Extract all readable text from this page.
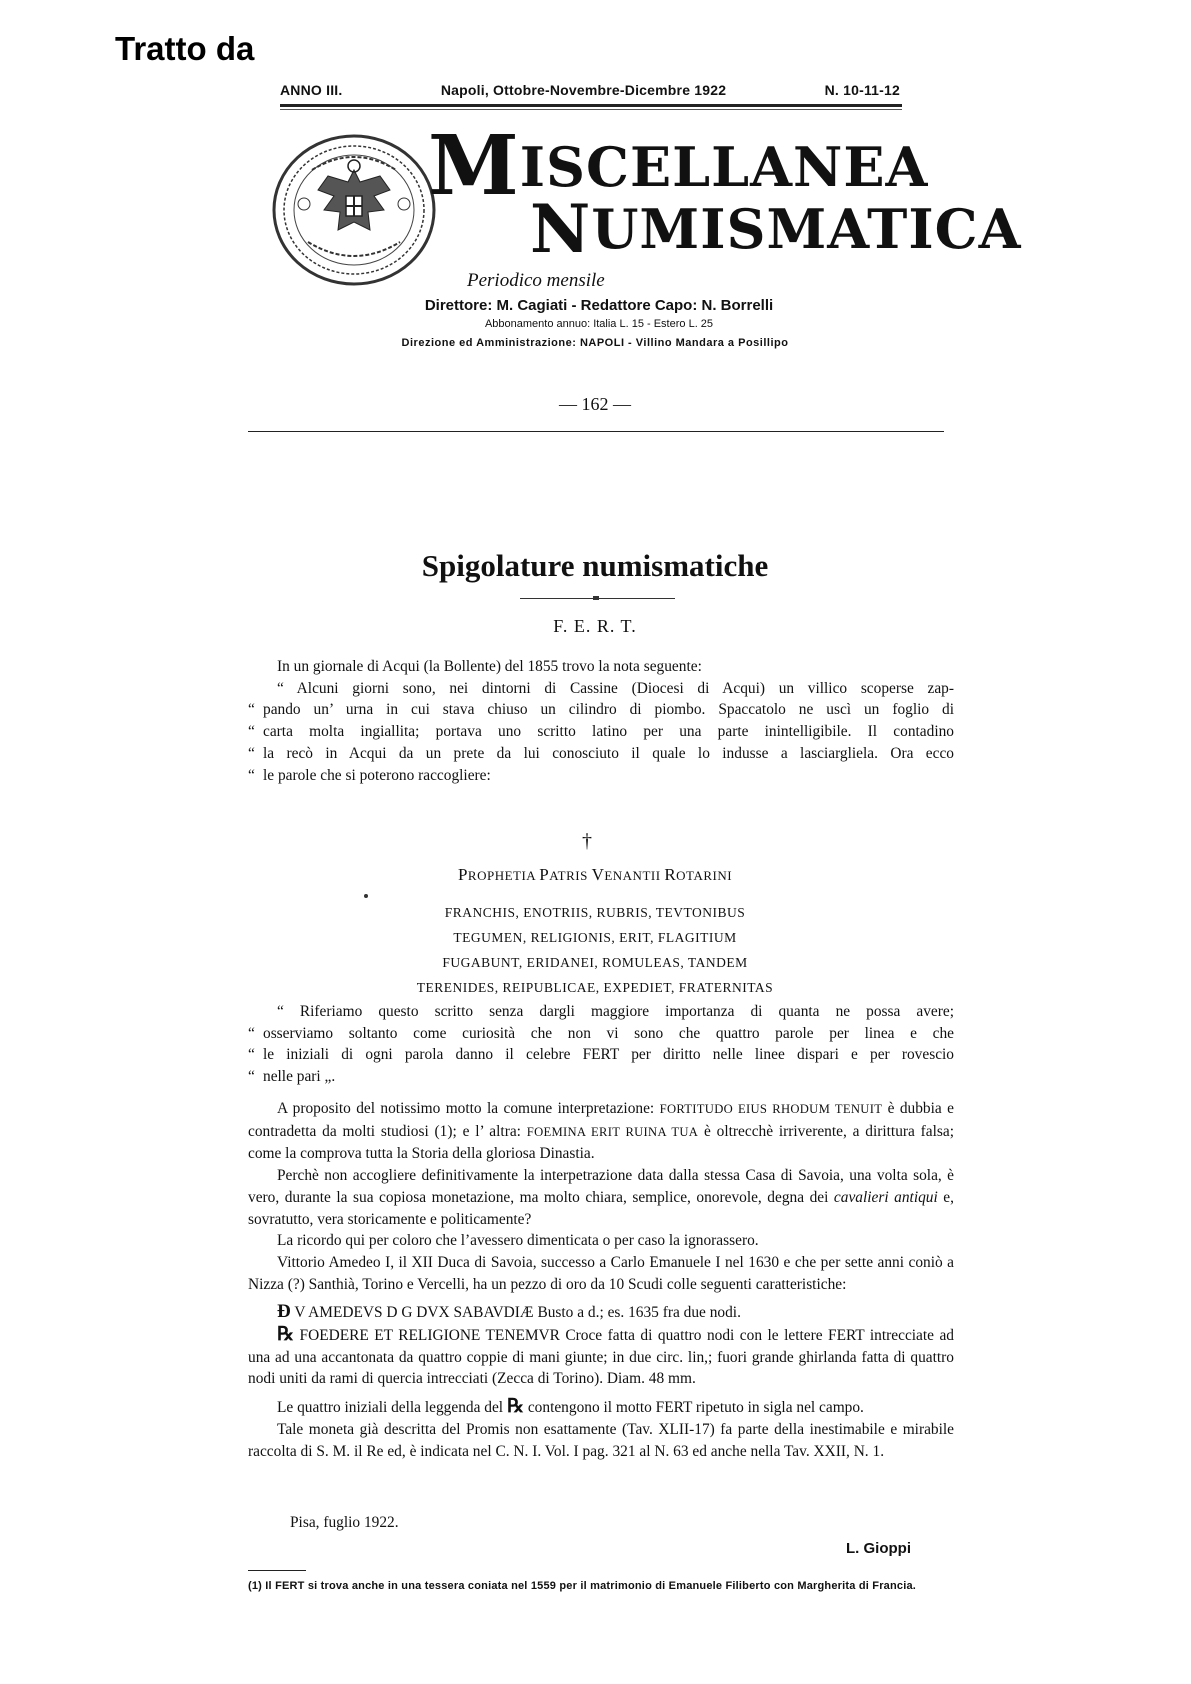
Tratto da
ANNO III.	Napoli, Ottobre-Novembre-Dicembre 1922	N. 10-11-12
MISCELLANEA
NUMISMATICA
Periodico mensile
Direttore: M. Cagiati - Redattore Capo: N. Borrelli
Abbonamento annuo: Italia L. 15 - Estero L. 25
Direzione ed Amministrazione: NAPOLI - Villino Mandara a Posillipo
— 162 —
Spigolature numismatiche
F. E. R. T.

In un giornale di Acqui (la Bollente) del 1855 trovo la nota seguente:

“ Alcuni giorni sono, nei dintorni di Cassine (Diocesi di Acqui) un villico scoperse zap-

“ pando un’ urna in cui stava chiuso un cilindro di piombo. Spaccatolo ne uscì un foglio di

“ carta molta ingiallita; portava uno scritto latino per una parte inintelligibile. Il contadino

“ la recò in Acqui da un prete da lui conosciuto il quale lo indusse a lasciargliela. Ora ecco

“ le parole che si poterono raccogliere:

†
PROPHETIA PATRIS VENANTII ROTARINI
FRANCHIS, ENOTRIIS, RUBRIS, TEVTONIBUS
TEGUMEN, RELIGIONIS, ERIT, FLAGITIUM
FUGABUNT, ERIDANEI, ROMULEAS, TANDEM
TERENIDES, REIPUBLICAE, EXPEDIET, FRATERNITAS

“ Riferiamo questo scritto senza dargli maggiore importanza di quanta ne possa avere;

“ osserviamo soltanto come curiosità che non vi sono che quattro parole per linea e che

“ le iniziali di ogni parola danno il celebre FERT per diritto nelle linee dispari e per rovescio

“ nelle pari „.

A proposito del notissimo motto la comune interpretazione: FORTITUDO EIUS RHODUM TENUIT è dubbia e contradetta da molti studiosi (1); e l’ altra: FOEMINA ERIT RUINA TUA è oltrecchè irriverente, a dirittura falsa; come la comprova tutta la Storia della gloriosa Dinastia.

Perchè non accogliere definitivamente la interpetrazione data dalla stessa Casa di Savoia, una volta sola, è vero, durante la sua copiosa monetazione, ma molto chiara, semplice, onorevole, degna dei cavalieri antiqui e, sovratutto, vera storicamente e politicamente?

La ricordo qui per coloro che l’avessero dimenticata o per caso la ignorassero.

Vittorio Amedeo I, il XII Duca di Savoia, successo a Carlo Emanuele I nel 1630 e che per sette anni coniò a Nizza (?) Santhià, Torino e Vercelli, ha un pezzo di oro da 10 Scudi colle seguenti caratteristiche:

Ɖ V AMEDEVS D G DVX SABAVDIÆ Busto a d.; es. 1635 fra due nodi.

℞ FOEDERE ET RELIGIONE TENEMVR Croce fatta di quattro nodi con le lettere FERT intrecciate ad una ad una accantonata da quattro coppie di mani giunte; in due circ. lin,; fuori grande ghirlanda fatta di quattro nodi uniti da rami di quercia intrecciati (Zecca di Torino). Diam. 48 mm.

Le quattro iniziali della leggenda del ℞ contengono il motto FERT ripetuto in sigla nel campo.

Tale moneta già descritta del Promis non esattamente (Tav. XLII-17) fa parte della inestimabile e mirabile raccolta di S. M. il Re ed, è indicata nel C. N. I. Vol. I pag. 321 al N. 63 ed anche nella Tav. XXII, N. 1.

Pisa, fuglio 1922.
L. Gioppi
(1) Il FERT si trova anche in una tessera coniata nel 1559 per il matrimonio di Emanuele Filiberto con Margherita di Francia.
